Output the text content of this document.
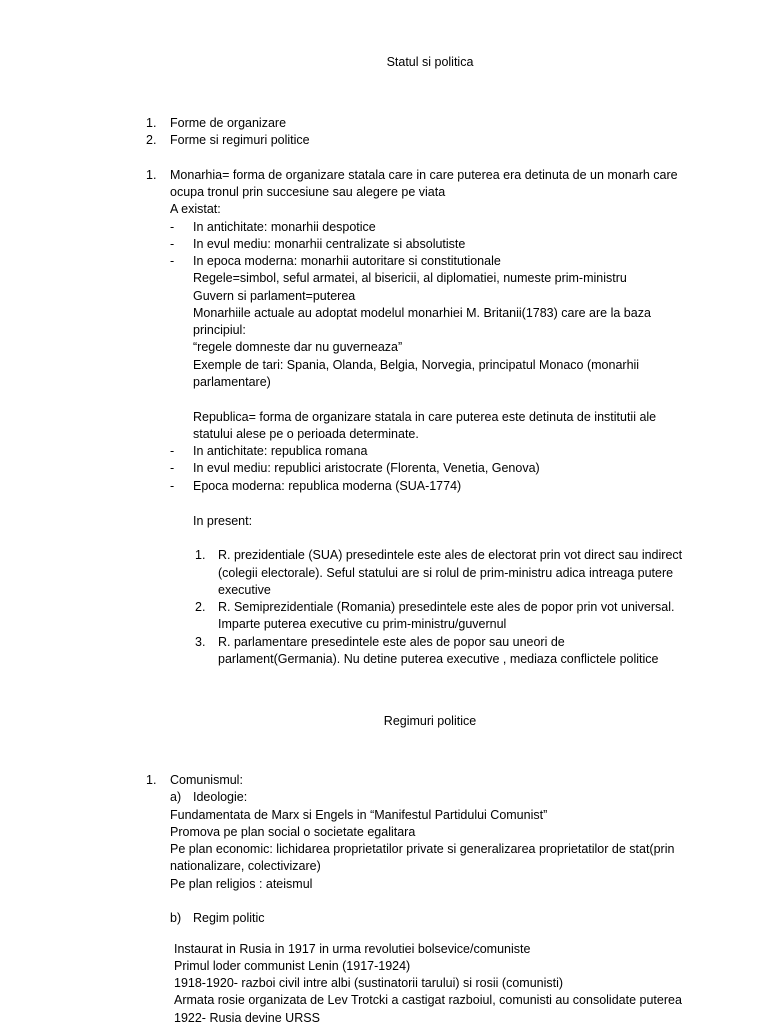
Statul si politica
1. Forme de organizare
2. Forme si regimuri politice
1. Monarhia= forma de organizare statala care in care puterea era detinuta de un monarh care
ocupa tronul prin succesiune sau alegere pe viata
A existat:
- In antichitate: monarhii despotice
- In evul mediu: monarhii centralizate si absolutiste
- In epoca moderna: monarhii autoritare si constitutionale
Regele=simbol, seful armatei, al bisericii, al diplomatiei, numeste prim-ministru
Guvern si parlament=puterea
Monarhiile actuale au adoptat modelul monarhiei M. Britanii(1783) care are la baza
principiul:
“regele domneste dar nu guverneaza”
Exemple de tari: Spania, Olanda, Belgia, Norvegia, principatul Monaco (monarhii
parlamentare)
Republica= forma de organizare statala in care puterea este detinuta de institutii ale
statului alese pe o perioada determinate.
- In antichitate: republica romana
- In evul mediu: republici aristocrate (Florenta, Venetia, Genova)
- Epoca moderna: republica moderna (SUA-1774)
In present:
1. R. prezidentiale (SUA) presedintele este ales de electorat prin vot direct sau indirect
(colegii electorale). Seful statului are si rolul de prim-ministru adica intreaga putere
executive
2. R. Semiprezidentiale (Romania) presedintele este ales de popor prin vot universal.
Imparte puterea executive cu prim-ministru/guvernul
3. R. parlamentare presedintele este ales de popor sau uneori de
parlament(Germania). Nu detine puterea executive , mediaza conflictele politice
Regimuri politice
1. Comunismul:
a) Ideologie:
Fundamentata de Marx si Engels in “Manifestul Partidului Comunist”
Promova pe plan social o societate egalitara
Pe plan economic: lichidarea proprietatilor private si generalizarea proprietatilor de stat(prin
nationalizare, colectivizare)
Pe plan religios : ateismul
b) Regim politic
Instaurat in Rusia in 1917 in urma revolutiei bolsevice/comuniste
Primul loder communist Lenin (1917-1924)
1918-1920- razboi civil intre albi (sustinatorii tarului) si rosii (comunisti)
Armata rosie organizata de Lev Trotcki a castigat razboiul, comunisti au consolidate puterea
1922- Rusia devine URSS
